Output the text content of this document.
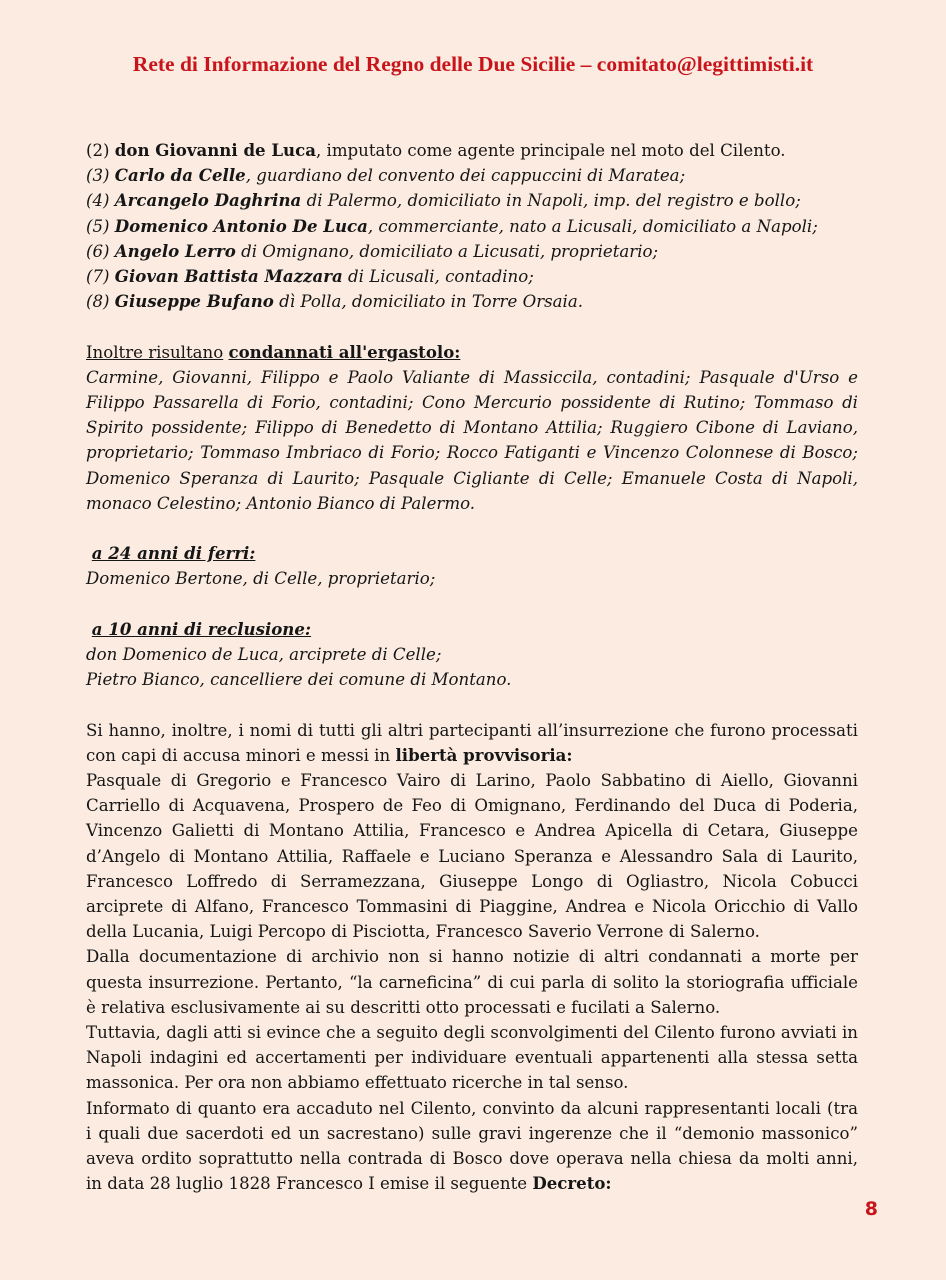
Rete di Informazione del Regno delle Due Sicilie – comitato@legittimisti.it
(2) don Giovanni de Luca, imputato come agente principale nel moto del Cilento.
(3) Carlo da Celle, guardiano del convento dei cappuccini di Maratea;
(4) Arcangelo Daghrina di Palermo, domiciliato in Napoli, imp. del registro e bollo;
(5) Domenico Antonio De Luca, commerciante, nato a Licusali, domiciliato a Napoli;
(6) Angelo Lerro di Omignano, domiciliato a Licusati, proprietario;
(7) Giovan Battista Mazzara di Licusali, contadino;
(8) Giuseppe Bufano dì Polla, domiciliato in Torre Orsaia.
Inoltre risultano condannati all'ergastolo:

Carmine, Giovanni, Filippo e Paolo Valiante di Massiccila, contadini; Pasquale d'Urso e Filippo Passarella di Forio, contadini; Cono Mercurio possidente di Rutino; Tommaso di Spirito possidente; Filippo di Benedetto di Montano Attilia; Ruggiero Cibone di Laviano, proprietario; Tommaso Imbriaco di Forio; Rocco Fatiganti e Vincenzo Colonnese di Bosco; Domenico Speranza di Laurito; Pasquale Cigliante di Celle; Emanuele Costa di Napoli, monaco Celestino; Antonio Bianco di Palermo.

a 24 anni di ferri:

Domenico Bertone, di Celle, proprietario;

a 10 anni di reclusione:

don Domenico de Luca, arciprete di Celle;

Pietro Bianco, cancelliere dei comune di Montano.

Si hanno, inoltre, i nomi di tutti gli altri partecipanti all’insurrezione che furono processati con capi di accusa minori e messi in libertà provvisoria:

Pasquale di Gregorio e Francesco Vairo di Larino, Paolo Sabbatino di Aiello, Giovanni Carriello di Acquavena, Prospero de Feo di Omignano, Ferdinando del Duca di Poderia, Vincenzo Galietti di Montano Attilia, Francesco e Andrea Apicella di Cetara, Giuseppe d’Angelo di Montano Attilia, Raffaele e Luciano Speranza e Alessandro Sala di Laurito, Francesco Loffredo di Serramezzana, Giuseppe Longo di Ogliastro, Nicola Cobucci arciprete di Alfano, Francesco Tommasini di Piaggine, Andrea e Nicola Oricchio di Vallo della Lucania, Luigi Percopo di Pisciotta, Francesco Saverio Verrone di Salerno.

Dalla documentazione di archivio non si hanno notizie di altri condannati a morte per questa insurrezione. Pertanto, “la carneficina” di cui parla di solito la storiografia ufficiale è relativa esclusivamente ai su descritti otto processati e fucilati a Salerno.

Tuttavia, dagli atti si evince che a seguito degli sconvolgimenti del Cilento furono avviati in Napoli indagini ed accertamenti per individuare eventuali appartenenti alla stessa setta massonica. Per ora non abbiamo effettuato ricerche in tal senso.

Informato di quanto era accaduto nel Cilento, convinto da alcuni rappresentanti locali (tra i quali due sacerdoti ed un sacrestano) sulle gravi ingerenze che il “demonio massonico” aveva ordito soprattutto nella contrada di Bosco dove operava nella chiesa da molti anni, in data 28 luglio 1828 Francesco I emise il seguente Decreto:

8
